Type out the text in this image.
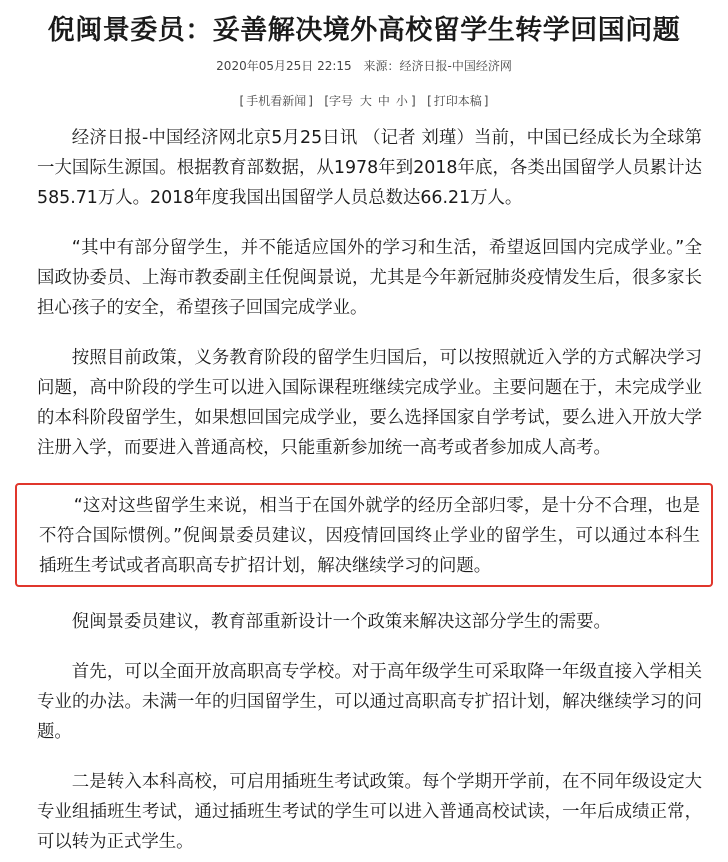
倪闽景委员：妥善解决境外高校留学生转学回国问题
2020年05月25日 22:15 来源：经济日报-中国经济网
[ 手机看新闻 ] [字号 大 中 小 ] [ 打印本稿 ]

经济日报-中国经济网北京5月25日讯 （记者 刘瑾）当前，中国已经成长为全球第一大国际生源国。根据教育部数据，从1978年到2018年底，各类出国留学人员累计达585.71万人。2018年度我国出国留学人员总数达66.21万人。

“其中有部分留学生，并不能适应国外的学习和生活，希望返回国内完成学业。”全国政协委员、上海市教委副主任倪闽景说，尤其是今年新冠肺炎疫情发生后，很多家长担心孩子的安全，希望孩子回国完成学业。

按照目前政策，义务教育阶段的留学生归国后，可以按照就近入学的方式解决学习问题，高中阶段的学生可以进入国际课程班继续完成学业。主要问题在于，未完成学业的本科阶段留学生，如果想回国完成学业，要么选择国家自学考试，要么进入开放大学注册入学，而要进入普通高校，只能重新参加统一高考或者参加成人高考。

“这对这些留学生来说，相当于在国外就学的经历全部归零，是十分不合理，也是不符合国际惯例。”倪闽景委员建议，因疫情回国终止学业的留学生，可以通过本科生插班生考试或者高职高专扩招计划，解决继续学习的问题。

倪闽景委员建议，教育部重新设计一个政策来解决这部分学生的需要。

首先，可以全面开放高职高专学校。对于高年级学生可采取降一年级直接入学相关专业的办法。未满一年的归国留学生，可以通过高职高专扩招计划，解决继续学习的问题。

二是转入本科高校，可启用插班生考试政策。每个学期开学前，在不同年级设定大专业组插班生考试，通过插班生考试的学生可以进入普通高校试读，一年后成绩正常，可以转为正式学生。
